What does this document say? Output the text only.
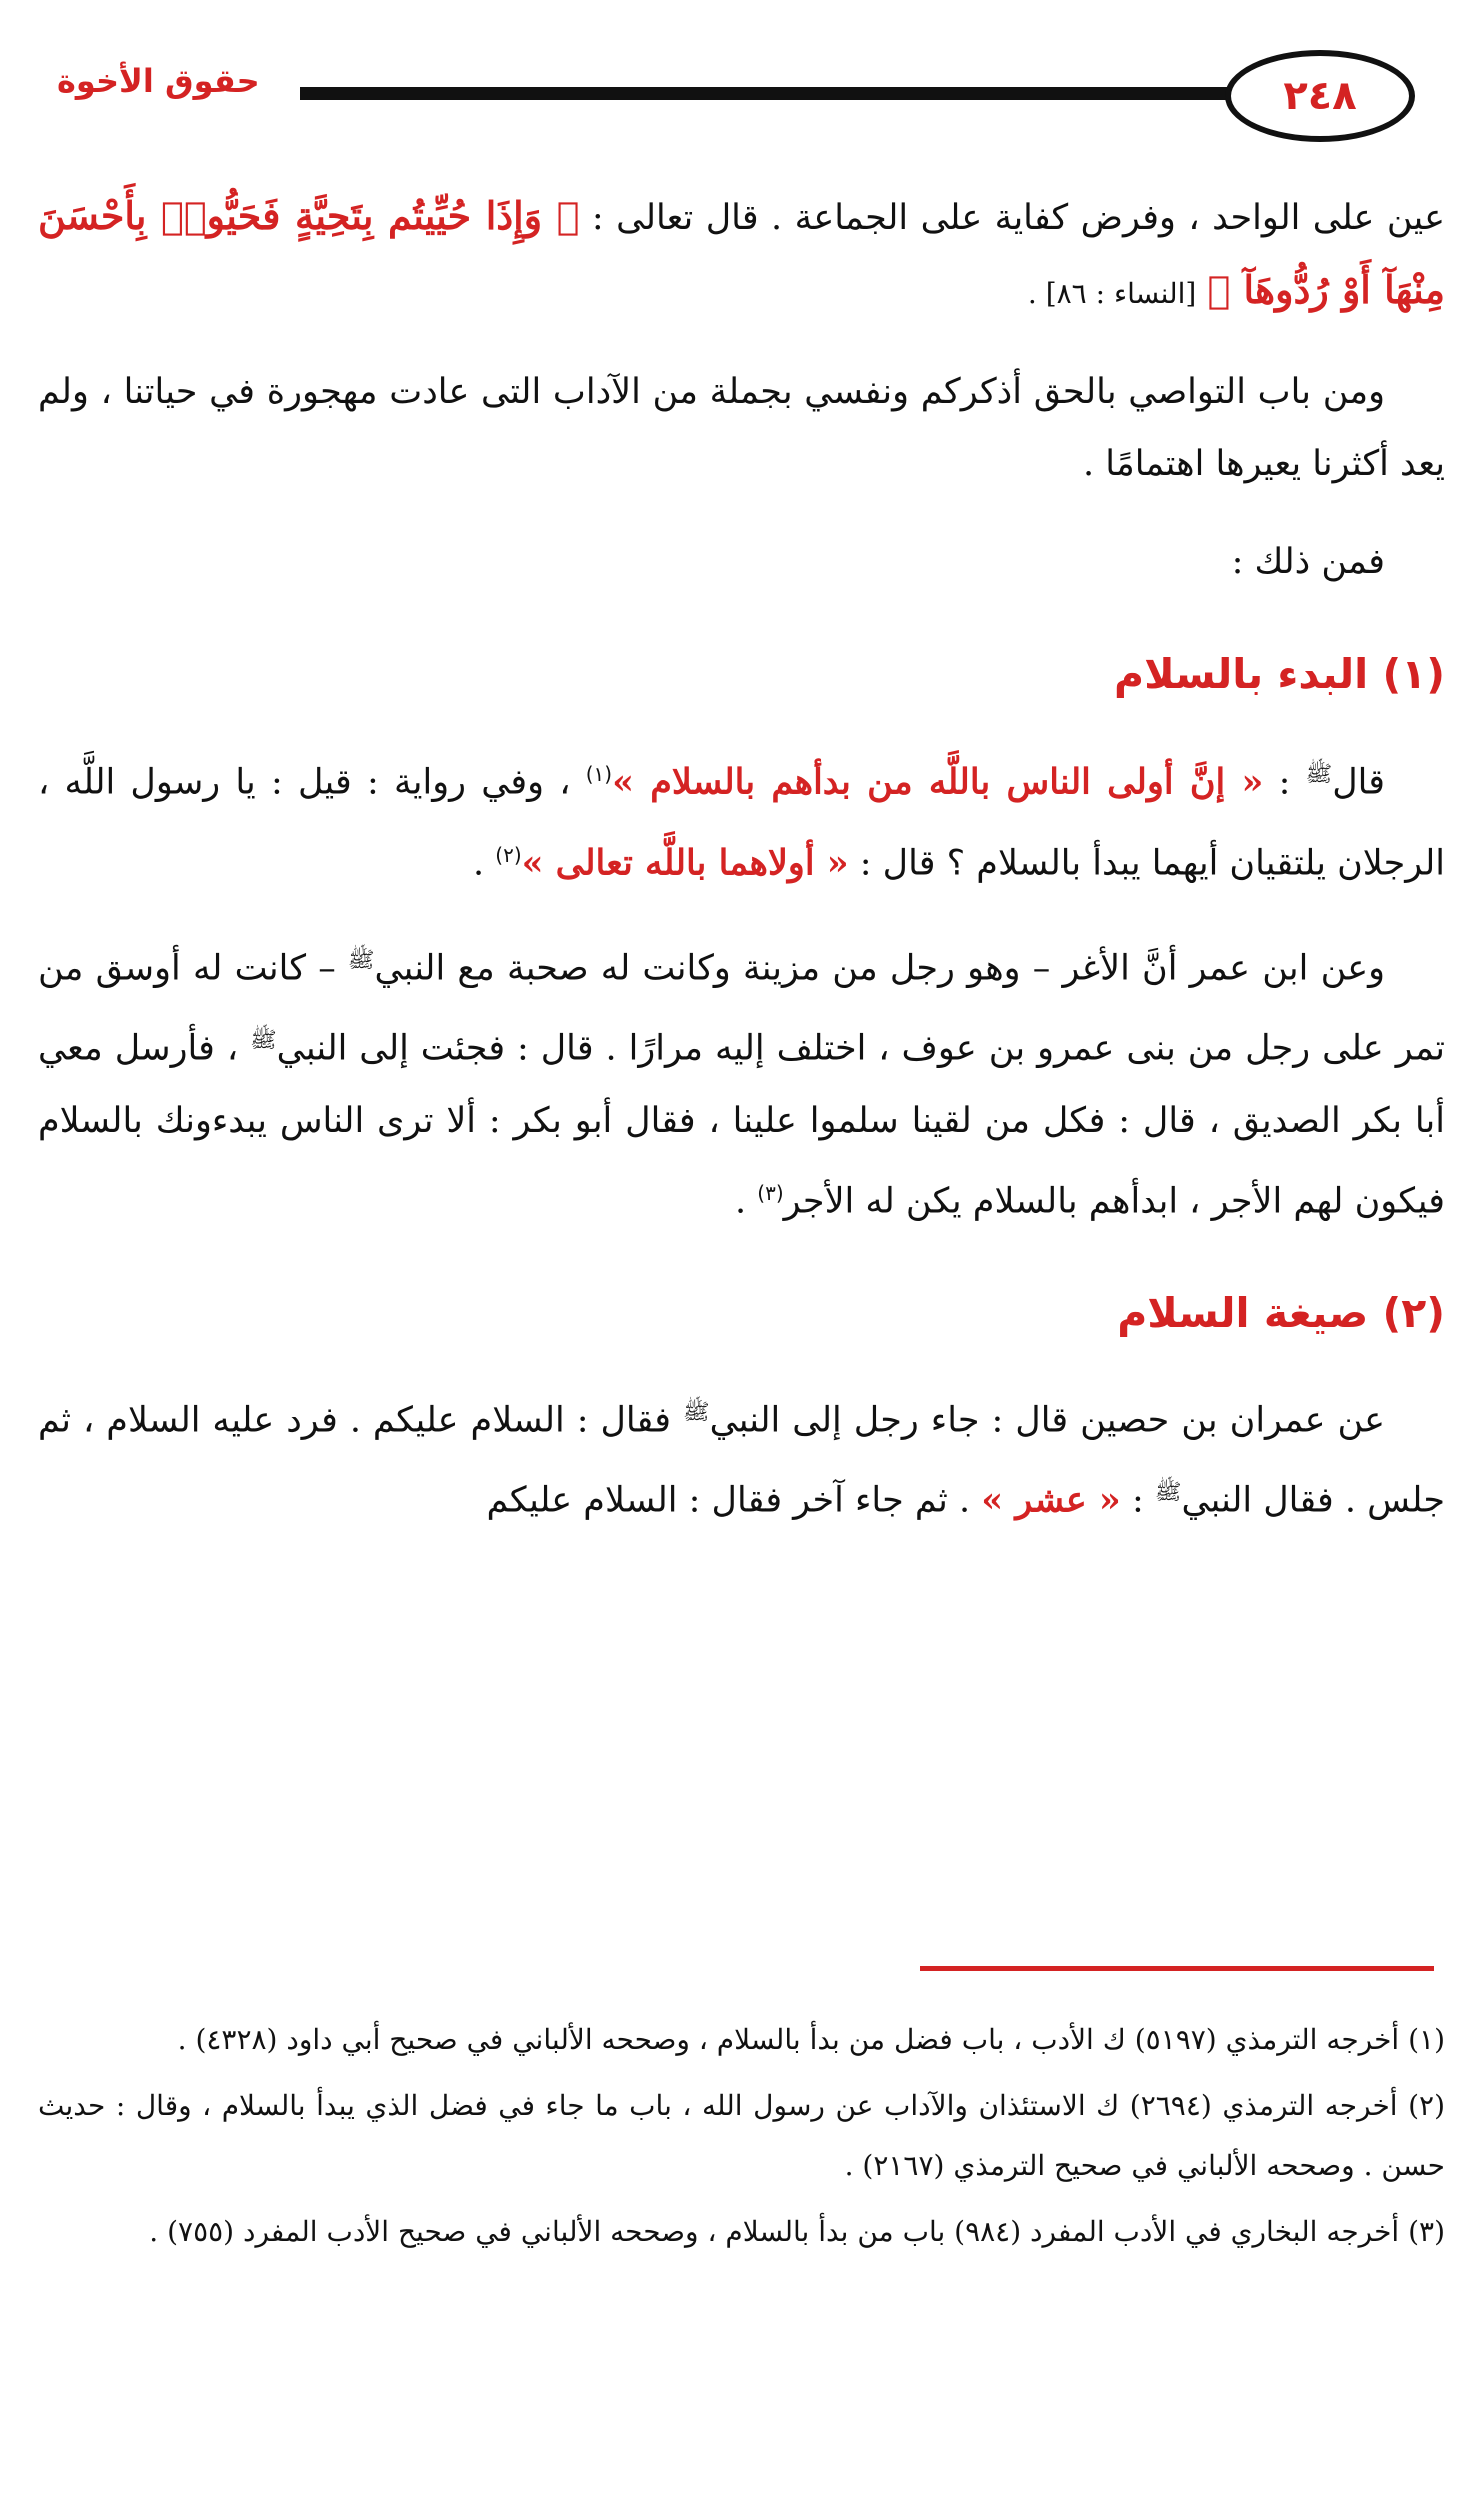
٢٤٨
حقوق الأخوة

عين على الواحد ، وفرض كفاية على الجماعة . قال تعالى : ﴿ وَإِذَا حُيِّيتُم بِتَحِيَّةٍ فَحَيُّوا۟ بِأَحْسَنَ مِنْهَآ أَوْ رُدُّوهَآ ﴾ [النساء : ٨٦] .

ومن باب التواصي بالحق أذكركم ونفسي بجملة من الآداب التى عادت مهجورة في حياتنا ، ولم يعد أكثرنا يعيرها اهتمامًا .

فمن ذلك :

(١) البدء بالسلام

قال$^ﷺ$ : « إنَّ أولى الناس باللَّه من بدأهم بالسلام »$^{(١)}$ ، وفي رواية : قيل : يا رسول اللَّه ، الرجلان يلتقيان أيهما يبدأ بالسلام ؟ قال : « أولاهما باللَّه تعالى »$^{(٢)}$ .

وعن ابن عمر أنَّ الأغر – وهو رجل من مزينة وكانت له صحبة مع النبي$^ﷺ$ – كانت له أوسق من تمر على رجل من بنى عمرو بن عوف ، اختلف إليه مرارًا . قال : فجئت إلى النبي$^ﷺ$ ، فأرسل معي أبا بكر الصديق ، قال : فكل من لقينا سلموا علينا ، فقال أبو بكر : ألا ترى الناس يبدءونك بالسلام فيكون لهم الأجر ، ابدأهم بالسلام يكن له الأجر$^{(٣)}$ .

(٢) صيغة السلام

عن عمران بن حصين قال : جاء رجل إلى النبي$^ﷺ$ فقال : السلام عليكم . فرد عليه السلام ، ثم جلس . فقال النبي$^ﷺ$ : « عشر » . ثم جاء آخر فقال : السلام عليكم

(١) أخرجه الترمذي (٥١٩٧) ك الأدب ، باب فضل من بدأ بالسلام ، وصححه الألباني في صحيح أبي داود (٤٣٢٨) .

(٢) أخرجه الترمذي (٢٦٩٤) ك الاستئذان والآداب عن رسول الله ، باب ما جاء في فضل الذي يبدأ بالسلام ، وقال : حديث حسن . وصححه الألباني في صحيح الترمذي (٢١٦٧) .

(٣) أخرجه البخاري في الأدب المفرد (٩٨٤) باب من بدأ بالسلام ، وصححه الألباني في صحيح الأدب المفرد (٧٥٥) .
